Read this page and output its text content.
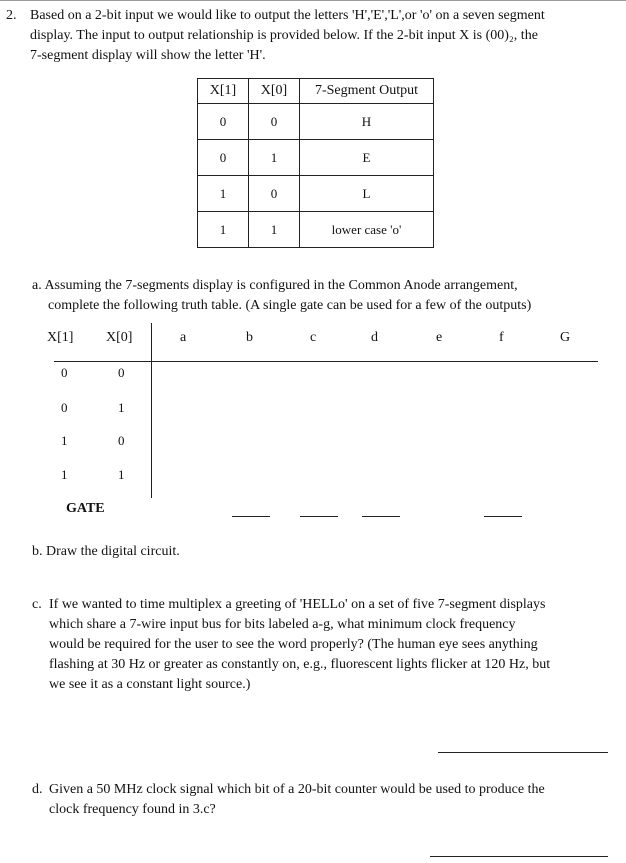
2. Based on a 2-bit input we would like to output the letters 'H','E','L',or 'o' on a seven segment
display. The input to output relationship is provided below. If the 2-bit input X is (00)₂, the
7-segment display will show the letter 'H'.
X[1]	X[0]	7-Segment Output
0	0	H
0	1	E
1	0	L
1	1	lower case 'o'
a. Assuming the 7-segments display is configured in the Common Anode arrangement,
complete the following truth table. (A single gate can be used for a few of the outputs)
X[1] X[0]	a	b	c	d	e	f	G
0	0
0	1
1	0
1	1
GATE
b. Draw the digital circuit.
c. If we wanted to time multiplex a greeting of 'HELLo' on a set of five 7-segment displays
which share a 7-wire input bus for bits labeled a-g, what minimum clock frequency
would be required for the user to see the word properly? (The human eye sees anything
flashing at 30 Hz or greater as constantly on, e.g., fluorescent lights flicker at 120 Hz, but
we see it as a constant light source.)
d. Given a 50 MHz clock signal which bit of a 20-bit counter would be used to produce the
clock frequency found in 3.c?
